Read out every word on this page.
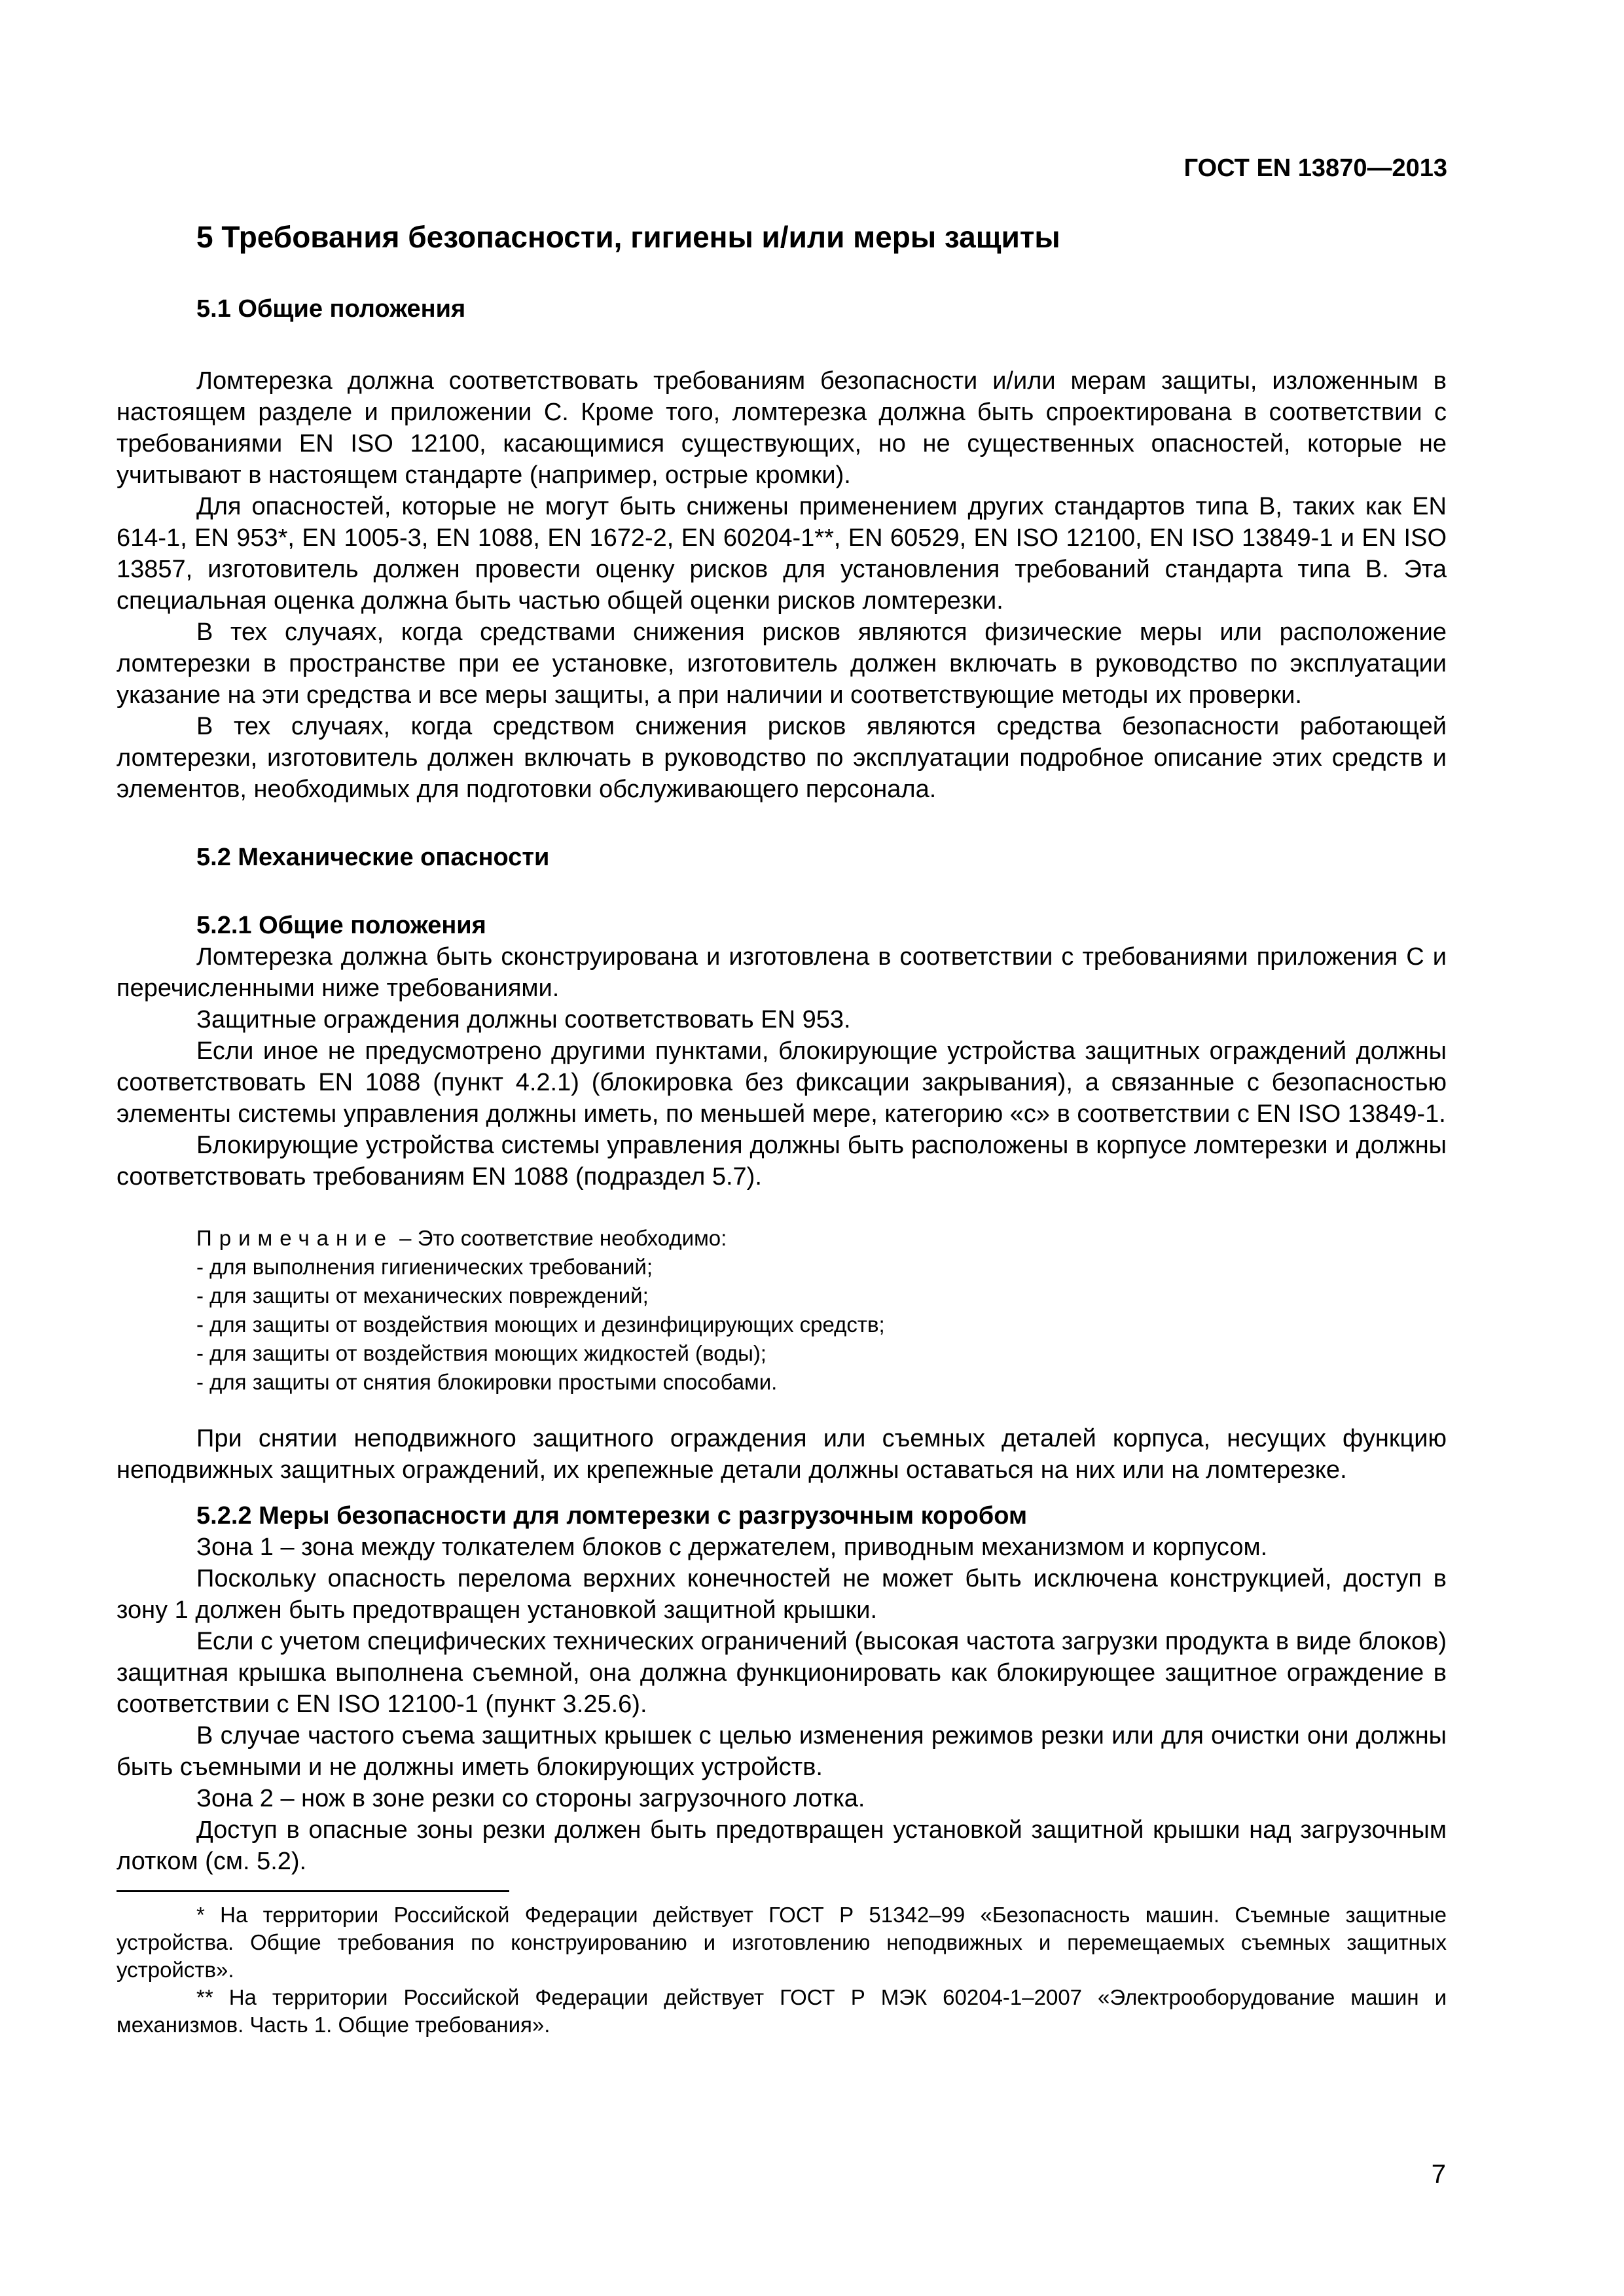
ГОСТ EN 13870—2013
5 Требования безопасности, гигиены и/или меры защиты
5.1 Общие положения

Ломтерезка должна соответствовать требованиям безопасности и/или мерам защиты, изложенным в настоящем разделе и приложении С. Кроме того, ломтерезка должна быть спроектирована в соответствии с требованиями EN ISO 12100, касающимися существующих, но не существенных опасностей, которые не учитывают в настоящем стандарте (например, острые кромки).

Для опасностей, которые не могут быть снижены применением других стандартов типа В, таких как EN 614-1, EN 953*, EN 1005-3, EN 1088, EN 1672-2, EN 60204-1**, EN 60529, EN ISO 12100, EN ISO 13849-1 и EN ISO 13857, изготовитель должен провести оценку рисков для установления требований стандарта типа В. Эта специальная оценка должна быть частью общей оценки рисков ломтерезки.

В тех случаях, когда средствами снижения рисков являются физические меры или расположение ломтерезки в пространстве при ее установке, изготовитель должен включать в руководство по эксплуатации указание на эти средства и все меры защиты, а при наличии и соответствующие методы их проверки.

В тех случаях, когда средством снижения рисков являются средства безопасности работающей ломтерезки, изготовитель должен включать в руководство по эксплуатации подробное описание этих средств и элементов, необходимых для подготовки обслуживающего персонала.

5.2 Механические опасности
5.2.1 Общие положения

Ломтерезка должна быть сконструирована и изготовлена в соответствии с требованиями приложения С и перечисленными ниже требованиями.

Защитные ограждения должны соответствовать EN 953.

Если иное не предусмотрено другими пунктами, блокирующие устройства защитных ограждений должны соответствовать EN 1088 (пункт 4.2.1) (блокировка без фиксации закрывания), а связанные с безопасностью элементы системы управления должны иметь, по меньшей мере, категорию «с» в соответствии с EN ISO 13849-1.

Блокирующие устройства системы управления должны быть расположены в корпусе ломтерезки и должны соответствовать требованиям EN 1088 (подраздел 5.7).

Примечание – Это соответствие необходимо:
- для выполнения гигиенических требований;
- для защиты от механических повреждений;
- для защиты от воздействия моющих и дезинфицирующих средств;
- для защиты от воздействия моющих жидкостей (воды);
- для защиты от снятия блокировки простыми способами.

При снятии неподвижного защитного ограждения или съемных деталей корпуса, несущих функцию неподвижных защитных ограждений, их крепежные детали должны оставаться на них или на ломтерезке.

5.2.2 Меры безопасности для ломтерезки с разгрузочным коробом

Зона 1 – зона между толкателем блоков с держателем, приводным механизмом и корпусом.

Поскольку опасность перелома верхних конечностей не может быть исключена конструкцией, доступ в зону 1 должен быть предотвращен установкой защитной крышки.

Если с учетом специфических технических ограничений (высокая частота загрузки продукта в виде блоков) защитная крышка выполнена съемной, она должна функционировать как блокирующее защитное ограждение в соответствии с EN ISO 12100-1 (пункт 3.25.6).

В случае частого съема защитных крышек с целью изменения режимов резки или для очистки они должны быть съемными и не должны иметь блокирующих устройств.

Зона 2 – нож в зоне резки со стороны загрузочного лотка.

Доступ в опасные зоны резки должен быть предотвращен установкой защитной крышки над загрузочным лотком (см. 5.2).

* На территории Российской Федерации действует ГОСТ Р 51342–99 «Безопасность машин. Съемные защитные устройства. Общие требования по конструированию и изготовлению неподвижных и перемещаемых съемных защитных устройств».

** На территории Российской Федерации действует ГОСТ Р МЭК 60204-1–2007 «Электрооборудование машин и механизмов. Часть 1. Общие требования».

7
